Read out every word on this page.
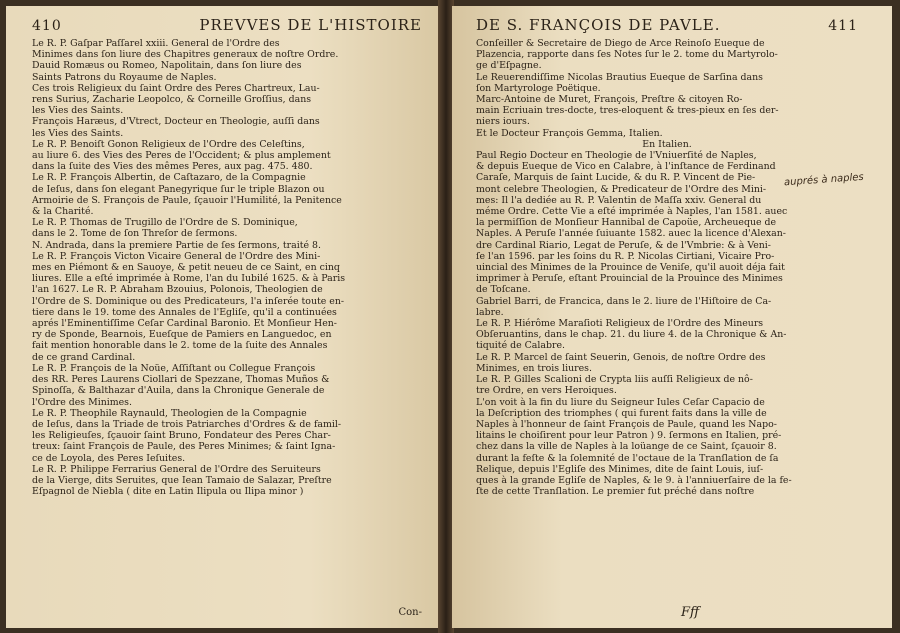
410	PREVVES DE L'HISTOIRE
Le R. P. Gaſpar Paſſarel xxiii. General de l'Ordre des
Minimes dans ſon liure des Chapitres generaux de noſtre Ordre.
Dauid Romæus ou Romeo, Napolitain, dans ſon liure des
Saints Patrons du Royaume de Naples.
Ces trois Religieux du ſaint Ordre des Peres Chartreux, Lau-
rens Surius, Zacharie Leopolco, & Corneille Groſſius, dans
les Vies des Saints.
François Haræus, d'Vtrect, Docteur en Theologie, auſſi dans
les Vies des Saints.
Le R. P. Benoiſt Gonon Religieux de l'Ordre des Celeſtins,
au liure 6. des Vies des Peres de l'Occident; & plus amplement
dans la ſuite des Vies des mêmes Peres, aux pag. 475. 480.
Le R. P. François Albertin, de Caſtazaro, de la Compagnie
de Ieſus, dans ſon elegant Panegyrique ſur le triple Blazon ou
Armoirie de S. François de Paule, ſçauoir l'Humilité, la Penitence
& la Charité.
Le R. P. Thomas de Trugillo de l'Ordre de S. Dominique,
dans le 2. Tome de ſon Threſor de ſermons.
N. Andrada, dans la premiere Partie de ſes ſermons, traité 8.
Le R. P. François Victon Vicaire General de l'Ordre des Mini-
mes en Piémont & en Sauoye, & petit neueu de ce Saint, en cinq
liures. Elle a eſté imprimée à Rome, l'an du Iubilé 1625. & à Paris
l'an 1627. Le R. P. Abraham Bzouius, Polonois, Theologien de
l'Ordre de S. Dominique ou des Predicateurs, l'a inſerée toute en-
tiere dans le 19. tome des Annales de l'Egliſe, qu'il a continuées
aprés l'Eminentiſſime Ceſar Cardinal Baronio. Et Monſieur Hen-
ry de Sponde, Bearnois, Eueſque de Pamiers en Languedoc, en
fait mention honorable dans le 2. tome de la ſuite des Annales
de ce grand Cardinal.
Le R. P. François de la Noüe, Aſſiſtant ou Collegue François
des RR. Peres Laurens Ciollari de Spezzane, Thomas Muños &
Spinoſſa, & Balthazar d'Auila, dans la Chronique Generale de
l'Ordre des Minimes.
Le R. P. Theophile Raynauld, Theologien de la Compagnie
de Ieſus, dans la Triade de trois Patriarches d'Ordres & de famil-
les Religieuſes, ſçauoir ſaint Bruno, Fondateur des Peres Char-
treux: ſaint François de Paule, des Peres Minimes; & ſaint Igna-
ce de Loyola, des Peres Ieſuites.
Le R. P. Philippe Ferrarius General de l'Ordre des Seruiteurs
de la Vierge, dits Seruites, que Iean Tamaio de Salazar, Preſtre
Eſpagnol de Niebla ( dite en Latin Ilipula ou Ilipa minor )
Con-
DE S. FRANÇOIS DE PAVLE.	411
Conſeiller & Secretaire de Diego de Arce Reinoſo Eueque de
Plazencia, rapporte dans ſes Notes ſur le 2. tome du Martyrolo-
ge d'Eſpagne.
Le Reuerendiſſime Nicolas Brautius Eueque de Sarſina dans
ſon Martyrologe Poëtique.
Marc-Antoine de Muret, François, Preſtre & citoyen Ro-
main Ecriuain tres-docte, tres-eloquent & tres-pieux en ſes der-
niers iours.
Et le Docteur François Gemma, Italien.
En Italien.
Paul Regio Docteur en Theologie de l'Vniuerſité de Naples,
& depuis Eueque de Vico en Calabre, à l'inſtance de Ferdinand
Caraſe, Marquis de ſaint Lucide, & du R. P. Vincent de Pie-
mont celebre Theologien, & Predicateur de l'Ordre des Mini-
mes: Il l'a dediée au R. P. Valentin de Maſſa xxiv. General du
méme Ordre. Cette Vie a eſté imprimée à Naples, l'an 1581. auec
la permiſſion de Monſieur Hannibal de Capoüe, Archeueque de
Naples. A Peruſe l'année ſuiuante 1582. auec la licence d'Alexan-
dre Cardinal Riario, Legat de Peruſe, & de l'Vmbrie: & à Veni-
ſe l'an 1596. par les ſoins du R. P. Nicolas Cirtiani, Vicaire Pro-
uincial des Minimes de la Prouince de Veniſe, qu'il auoit déja fait
imprimer à Peruſe, eſtant Prouincial de la Prouince des Minimes
de Toſcane.
Gabriel Barri, de Francica, dans le 2. liure de l'Hiſtoire de Ca-
labre.
Le R. P. Hiérôme Maraſioti Religieux de l'Ordre des Mineurs
Obſeruantins, dans le chap. 21. du liure 4. de la Chronique & An-
tiquité de Calabre.
Le R. P. Marcel de ſaint Seuerin, Genois, de noſtre Ordre des
Minimes, en trois liures.
Le R. P. Gilles Scalioni de Crypta liis auſſi Religieux de nô-
tre Ordre, en vers Heroiques.
L'on voit à la fin du liure du Seigneur Iules Ceſar Capacio de
la Deſcription des triomphes ( qui furent faits dans la ville de
Naples à l'honneur de ſaint François de Paule, quand les Napo-
litains le choiſirent pour leur Patron ) 9. ſermons en Italien, pré-
chez dans la ville de Naples à la loüange de ce Saint, ſçauoir 8.
durant la feſte & la ſolemnité de l'octaue de la Tranſlation de ſa
Relique, depuis l'Egliſe des Minimes, dite de ſaint Louis, iuſ-
ques à la grande Egliſe de Naples, & le 9. à l'anniuerſaire de la fe-
ſte de cette Tranſlation. Le premier fut préché dans noſtre
Fff
auprés à naples
